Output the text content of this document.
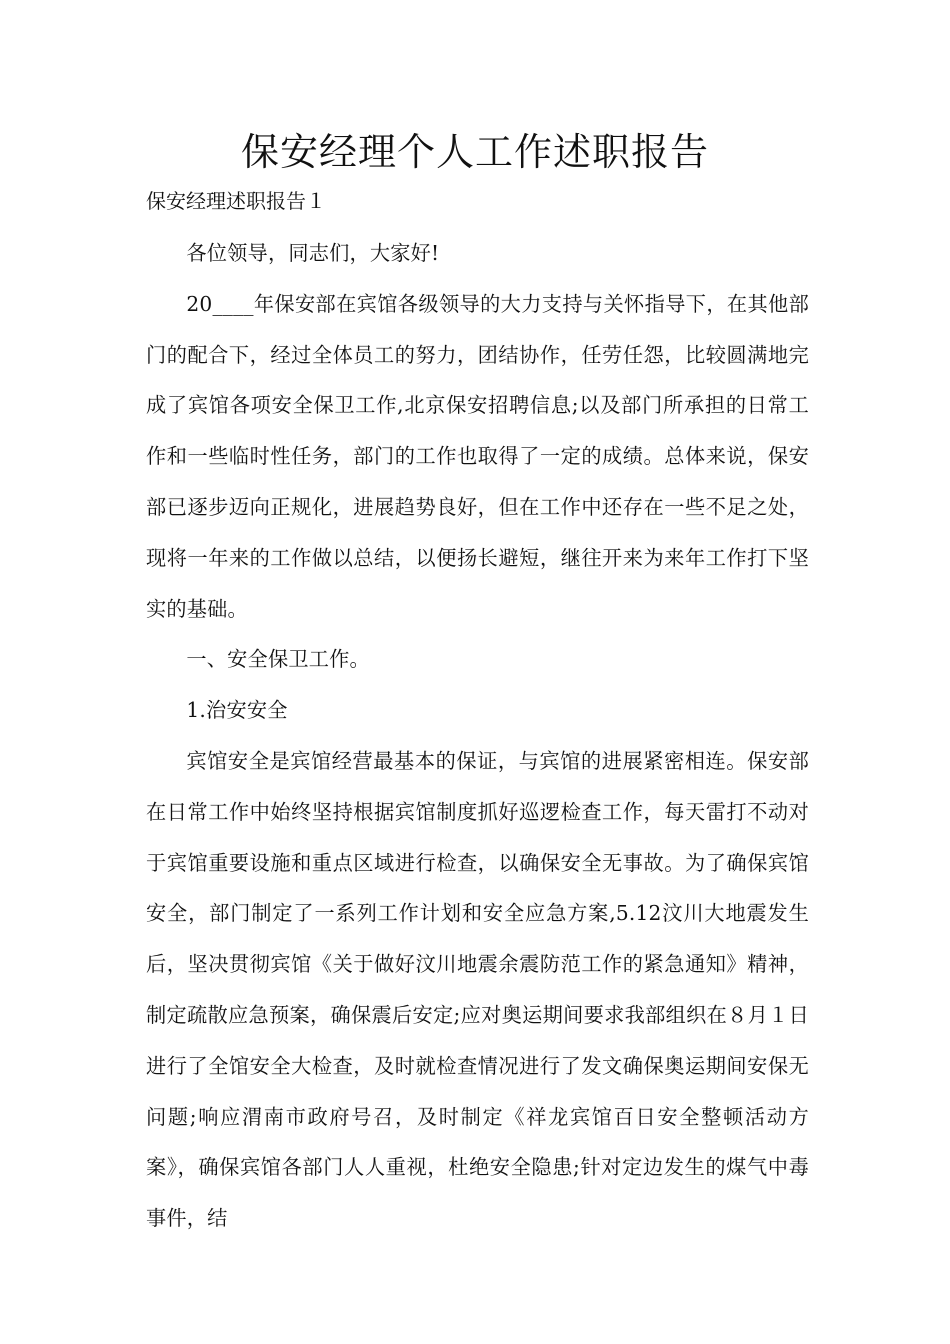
保安经理个人工作述职报告

保安经理述职报告１

各位领导，同志们，大家好!

20____年保安部在宾馆各级领导的大力支持与关怀指导下，在其他部门的配合下，经过全体员工的努力，团结协作，任劳任怨，比较圆满地完成了宾馆各项安全保卫工作,北京保安招聘信息;以及部门所承担的日常工作和一些临时性任务，部门的工作也取得了一定的成绩。总体来说，保安部已逐步迈向正规化，进展趋势良好，但在工作中还存在一些不足之处，现将一年来的工作做以总结，以便扬长避短，继往开来为来年工作打下坚实的基础。

一、安全保卫工作。

1.治安安全

宾馆安全是宾馆经营最基本的保证，与宾馆的进展紧密相连。保安部在日常工作中始终坚持根据宾馆制度抓好巡逻检查工作，每天雷打不动对于宾馆重要设施和重点区域进行检查，以确保安全无事故。为了确保宾馆安全，部门制定了一系列工作计划和安全应急方案,5.12汶川大地震发生后，坚决贯彻宾馆《关于做好汶川地震余震防范工作的紧急通知》精神，制定疏散应急预案，确保震后安定;应对奥运期间要求我部组织在８月１日进行了全馆安全大检查，及时就检查情况进行了发文确保奥运期间安保无问题;响应渭南市政府号召，及时制定《祥龙宾馆百日安全整顿活动方案》，确保宾馆各部门人人重视，杜绝安全隐患;针对定边发生的煤气中毒事件，结
